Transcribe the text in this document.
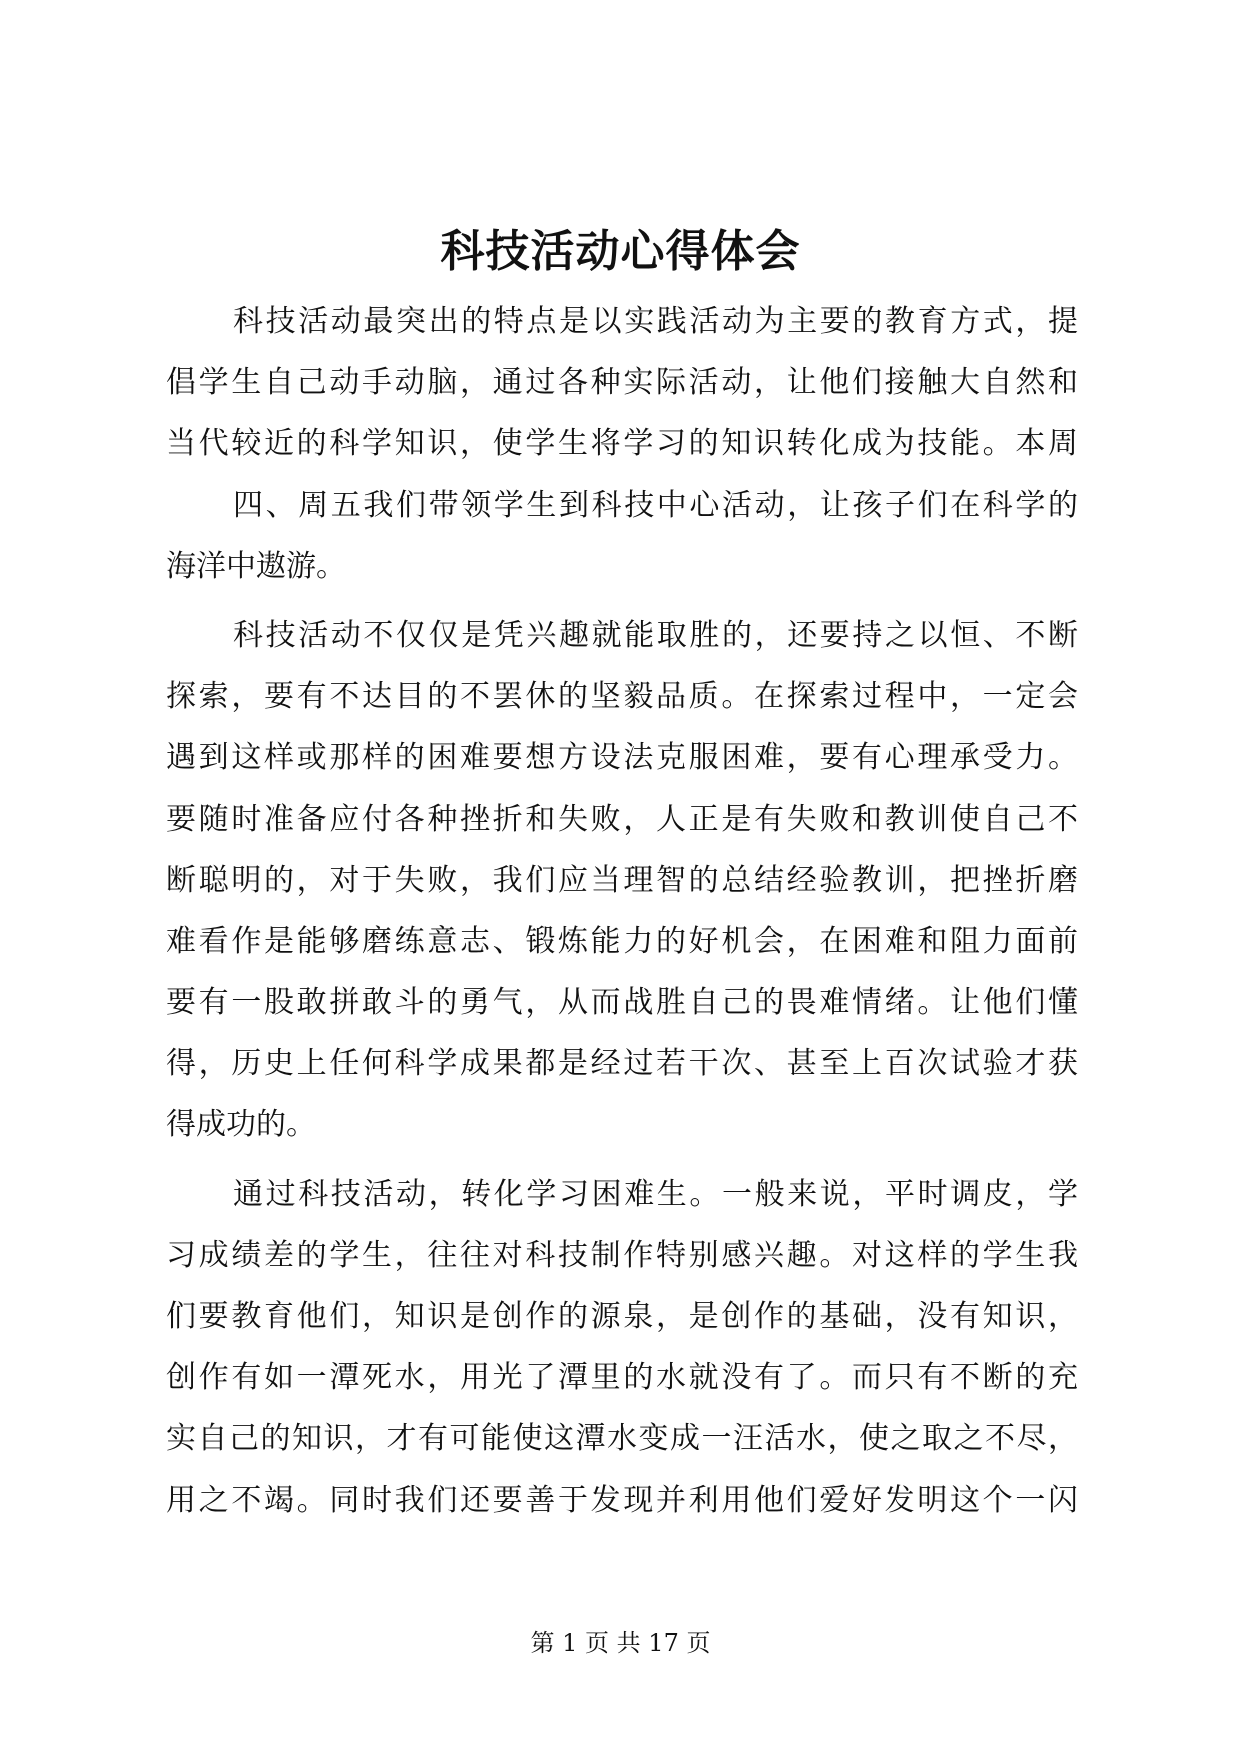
科技活动心得体会
科技活动最突出的特点是以实践活动为主要的教育方式，提
倡学生自己动手动脑，通过各种实际活动，让他们接触大自然和
当代较近的科学知识，使学生将学习的知识转化成为技能。本周
四、周五我们带领学生到科技中心活动，让孩子们在科学的
海洋中遨游。
科技活动不仅仅是凭兴趣就能取胜的，还要持之以恒、不断
探索，要有不达目的不罢休的坚毅品质。在探索过程中，一定会
遇到这样或那样的困难要想方设法克服困难，要有心理承受力。
要随时准备应付各种挫折和失败，人正是有失败和教训使自己不
断聪明的，对于失败，我们应当理智的总结经验教训，把挫折磨
难看作是能够磨练意志、锻炼能力的好机会，在困难和阻力面前
要有一股敢拼敢斗的勇气，从而战胜自己的畏难情绪。让他们懂
得，历史上任何科学成果都是经过若干次、甚至上百次试验才获
得成功的。
通过科技活动，转化学习困难生。一般来说，平时调皮，学
习成绩差的学生，往往对科技制作特别感兴趣。对这样的学生我
们要教育他们，知识是创作的源泉，是创作的基础，没有知识，
创作有如一潭死水，用光了潭里的水就没有了。而只有不断的充
实自己的知识，才有可能使这潭水变成一汪活水，使之取之不尽，
用之不竭。同时我们还要善于发现并利用他们爱好发明这个一闪
第 1 页 共 17 页
